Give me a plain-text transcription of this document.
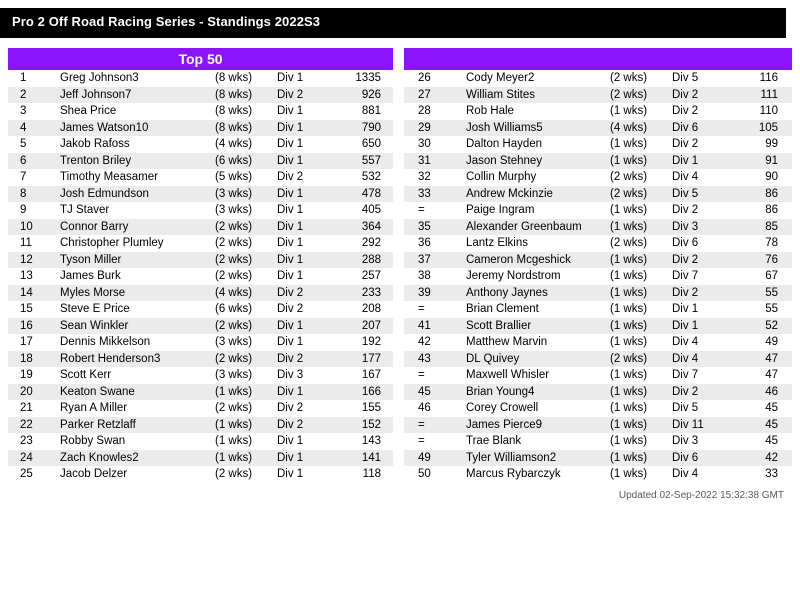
Pro 2 Off Road Racing Series - Standings 2022S3
Top 50
1	Greg Johnson3	(8 wks)	Div 1	1335
2	Jeff Johnson7	(8 wks)	Div 2	926
3	Shea Price	(8 wks)	Div 1	881
4	James Watson10	(8 wks)	Div 1	790
5	Jakob Rafoss	(4 wks)	Div 1	650
6	Trenton Briley	(6 wks)	Div 1	557
7	Timothy Measamer	(5 wks)	Div 2	532
8	Josh Edmundson	(3 wks)	Div 1	478
9	TJ Staver	(3 wks)	Div 1	405
10	Connor Barry	(2 wks)	Div 1	364
11	Christopher Plumley	(2 wks)	Div 1	292
12	Tyson Miller	(2 wks)	Div 1	288
13	James Burk	(2 wks)	Div 1	257
14	Myles Morse	(4 wks)	Div 2	233
15	Steve E Price	(6 wks)	Div 2	208
16	Sean Winkler	(2 wks)	Div 1	207
17	Dennis Mikkelson	(3 wks)	Div 1	192
18	Robert Henderson3	(2 wks)	Div 2	177
19	Scott Kerr	(3 wks)	Div 3	167
20	Keaton Swane	(1 wks)	Div 1	166
21	Ryan A Miller	(2 wks)	Div 2	155
22	Parker Retzlaff	(1 wks)	Div 2	152
23	Robby Swan	(1 wks)	Div 1	143
24	Zach Knowles2	(1 wks)	Div 1	141
25	Jacob Delzer	(2 wks)	Div 1	118
26	Cody Meyer2	(2 wks)	Div 5	116
27	William Stites	(2 wks)	Div 2	111
28	Rob Hale	(1 wks)	Div 2	110
29	Josh Williams5	(4 wks)	Div 6	105
30	Dalton Hayden	(1 wks)	Div 2	99
31	Jason Stehney	(1 wks)	Div 1	91
32	Collin Murphy	(2 wks)	Div 4	90
33	Andrew Mckinzie	(2 wks)	Div 5	86
=	Paige Ingram	(1 wks)	Div 2	86
35	Alexander Greenbaum	(1 wks)	Div 3	85
36	Lantz Elkins	(2 wks)	Div 6	78
37	Cameron Mcgeshick	(1 wks)	Div 2	76
38	Jeremy Nordstrom	(1 wks)	Div 7	67
39	Anthony Jaynes	(1 wks)	Div 2	55
=	Brian Clement	(1 wks)	Div 1	55
41	Scott Brallier	(1 wks)	Div 1	52
42	Matthew Marvin	(1 wks)	Div 4	49
43	DL Quivey	(2 wks)	Div 4	47
=	Maxwell Whisler	(1 wks)	Div 7	47
45	Brian Young4	(1 wks)	Div 2	46
46	Corey Crowell	(1 wks)	Div 5	45
=	James Pierce9	(1 wks)	Div 11	45
=	Trae Blank	(1 wks)	Div 3	45
49	Tyler Williamson2	(1 wks)	Div 6	42
50	Marcus Rybarczyk	(1 wks)	Div 4	33
Updated 02-Sep-2022 15:32:38 GMT
